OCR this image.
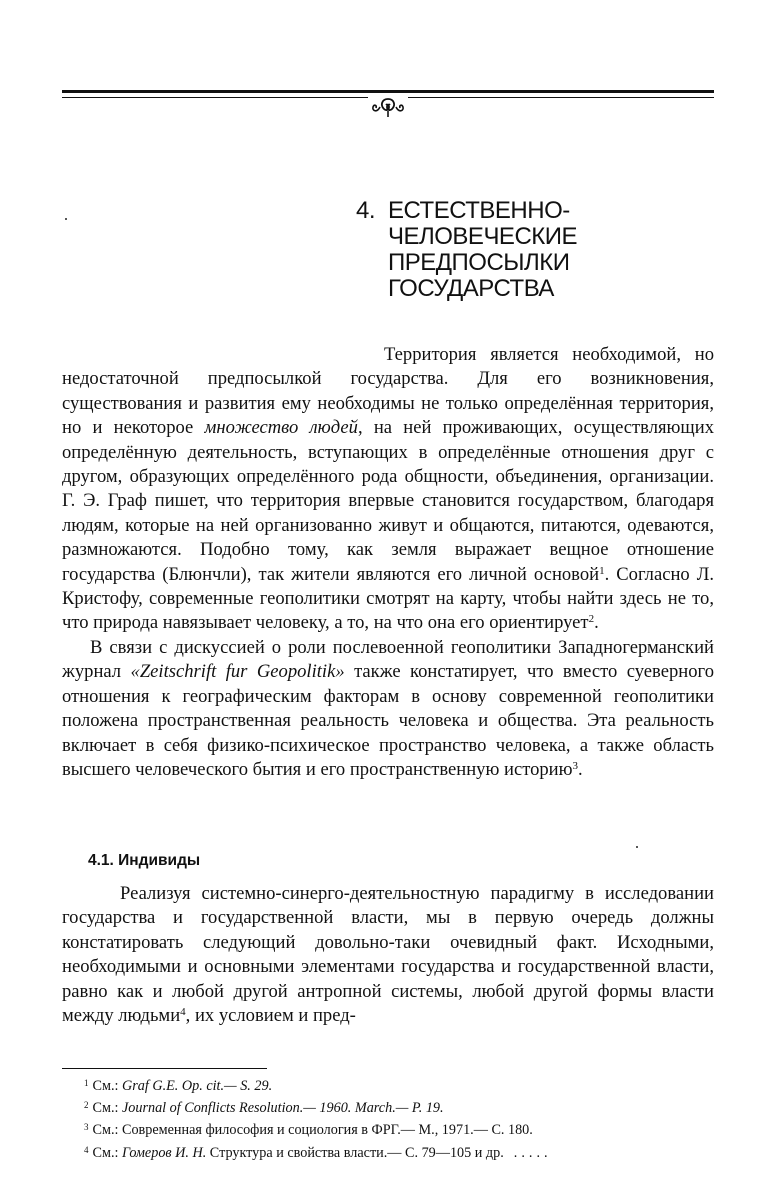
4. ЕСТЕСТВЕННО-
ЧЕЛОВЕЧЕСКИЕ
ПРЕДПОСЫЛКИ
ГОСУДАРСТВА

Территория является необходимой, но недостаточной предпосылкой государства. Для его возникновения, существования и развития ему необходимы не только определённая территория, но и некоторое множество людей, на ней проживающих, осуществляющих определённую деятельность, вступающих в определённые отношения друг с другом, образующих определённого рода общности, объединения, организации. Г. Э. Граф пишет, что территория впервые становится государством, благодаря людям, которые на ней организованно живут и общаются, питаются, одеваются, размножаются. Подобно тому, как земля выражает вещное отношение государства (Блюнчли), так жители являются его личной основой$^1$. Согласно Л. Кристофу, современные геополитики смотрят на карту, чтобы найти здесь не то, что природа навязывает человеку, а то, на что она его ориентирует$^2$.

В связи с дискуссией о роли послевоенной геополитики Западногерманский журнал «Zeitschrift fur Geopolitik» также констатирует, что вместо суеверного отношения к географическим факторам в основу современной геополитики положена пространственная реальность человека и общества. Эта реальность включает в сeбя физико-психическое пространство человека, а также область высшего человеческого бытия и его пространственную историю$^3$.

4.1. Индивиды

Реализуя системно-синерго-деятельностную парадигму в исследовании государства и государственной власти, мы в первую очередь должны констатировать следующий довольно-таки очевидный факт. Исходными, необходимыми и основными элементами государства и государственной власти, равно как и любой другой антропной системы, любой другой формы власти между людьми$^4$, их условием и пред-

$^1$ См.: Graf G.E. Op. cit.— S. 29.
$^2$ См.: Journal of Conflicts Resolution.— 1960. March.— P. 19.
$^3$ См.: Современная философия и социология в ФРГ.— М., 1971.— С. 180.
$^4$ См.: Гомеров И. Н. Структура и свойства власти.— С. 79—105 и др. .....
